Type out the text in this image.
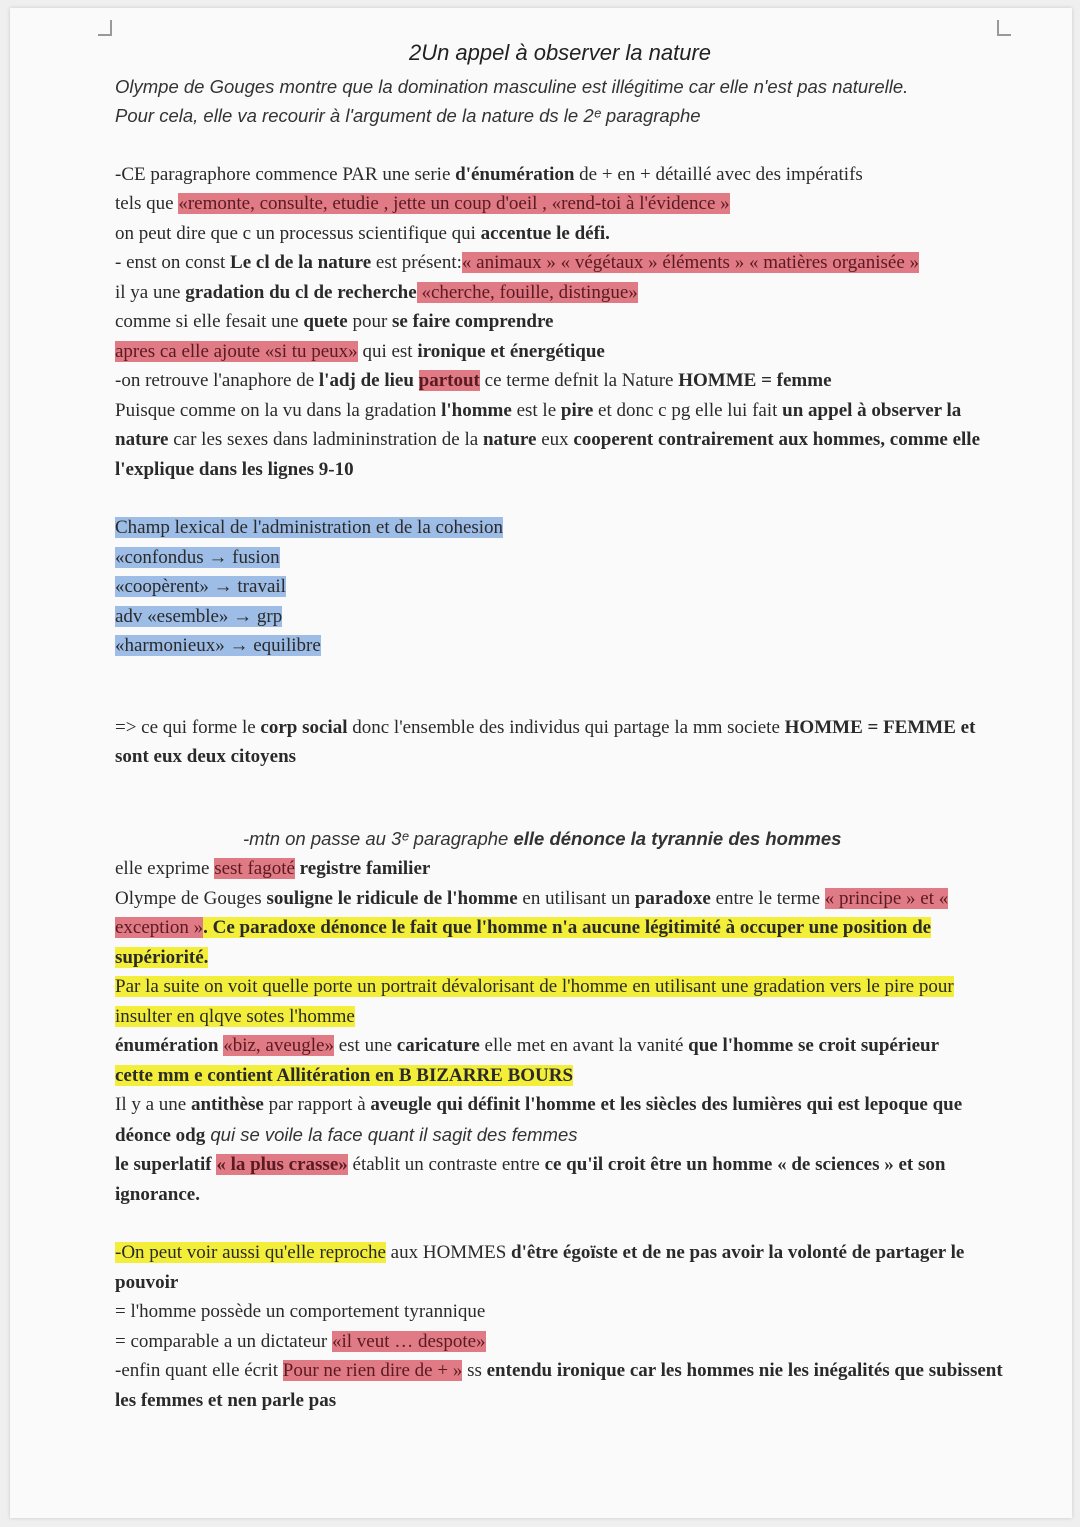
2Un appel à observer la nature

Olympe de Gouges montre que la domination masculine est illégitime car elle n'est pas naturelle.

Pour cela, elle va recourir à l'argument de la nature ds le 2ᵉ paragraphe

-CE paragraphore commence PAR une serie d'énumération de + en + détaillé avec des impératifs
tels que «remonte, consulte, etudie , jette un coup d'oeil , «rend-toi à l'évidence »
on peut dire que c un processus scientifique qui accentue le défi.
- enst on const Le cl de la nature est présent:« animaux » « végétaux » éléments » « matières organisée »
il ya une gradation du cl de recherche «cherche, fouille, distingue»
comme si elle fesait une quete pour se faire comprendre
apres ca elle ajoute «si tu peux» qui est ironique et énergétique
-on retrouve l'anaphore de l'adj de lieu partout ce terme defnit la Nature HOMME = femme
Puisque comme on la vu dans la gradation l'homme est le pire et donc c pg elle lui fait un appel à observer la nature car les sexes dans ladmininstration de la nature eux cooperent contrairement aux hommes, comme elle l'explique dans les lignes 9-10

Champ lexical de l'administration et de la cohesion
«confondus → fusion
«coopèrent» → travail
adv «esemble» → grp
«harmonieux» → equilibre

=> ce qui forme le corp social donc l'ensemble des individus qui partage la mm societe HOMME = FEMME et sont eux deux citoyens

-mtn on passe au 3ᵉ paragraphe elle dénonce la tyrannie des hommes
elle exprime sest fagoté registre familier
Olympe de Gouges souligne le ridicule de l'homme en utilisant un paradoxe entre le terme « principe » et « exception ». Ce paradoxe dénonce le fait que l'homme n'a aucune légitimité à occuper une position de supériorité.
Par la suite on voit quelle porte un portrait dévalorisant de l'homme en utilisant une gradation vers le pire pour insulter en qlqve sotes l'homme
énumération «biz, aveugle» est une caricature elle met en avant la vanité que l'homme se croit supérieur
cette mm e contient Allitération en B BIZARRE BOURS
Il y a une antithèse par rapport à aveugle qui définit l'homme et les siècles des lumières qui est lepoque que déonce odg qui se voile la face quant il sagit des femmes
le superlatif « la plus crasse» établit un contraste entre ce qu'il croit être un homme « de sciences » et son ignorance.

-On peut voir aussi qu'elle reproche aux HOMMES d'être égoïste et de ne pas avoir la volonté de partager le pouvoir
= l'homme possède un comportement tyrannique
= comparable a un dictateur «il veut … despote»
-enfin quant elle écrit Pour ne rien dire de + » ss entendu ironique car les hommes nie les inégalités que subissent les femmes et nen parle pas
